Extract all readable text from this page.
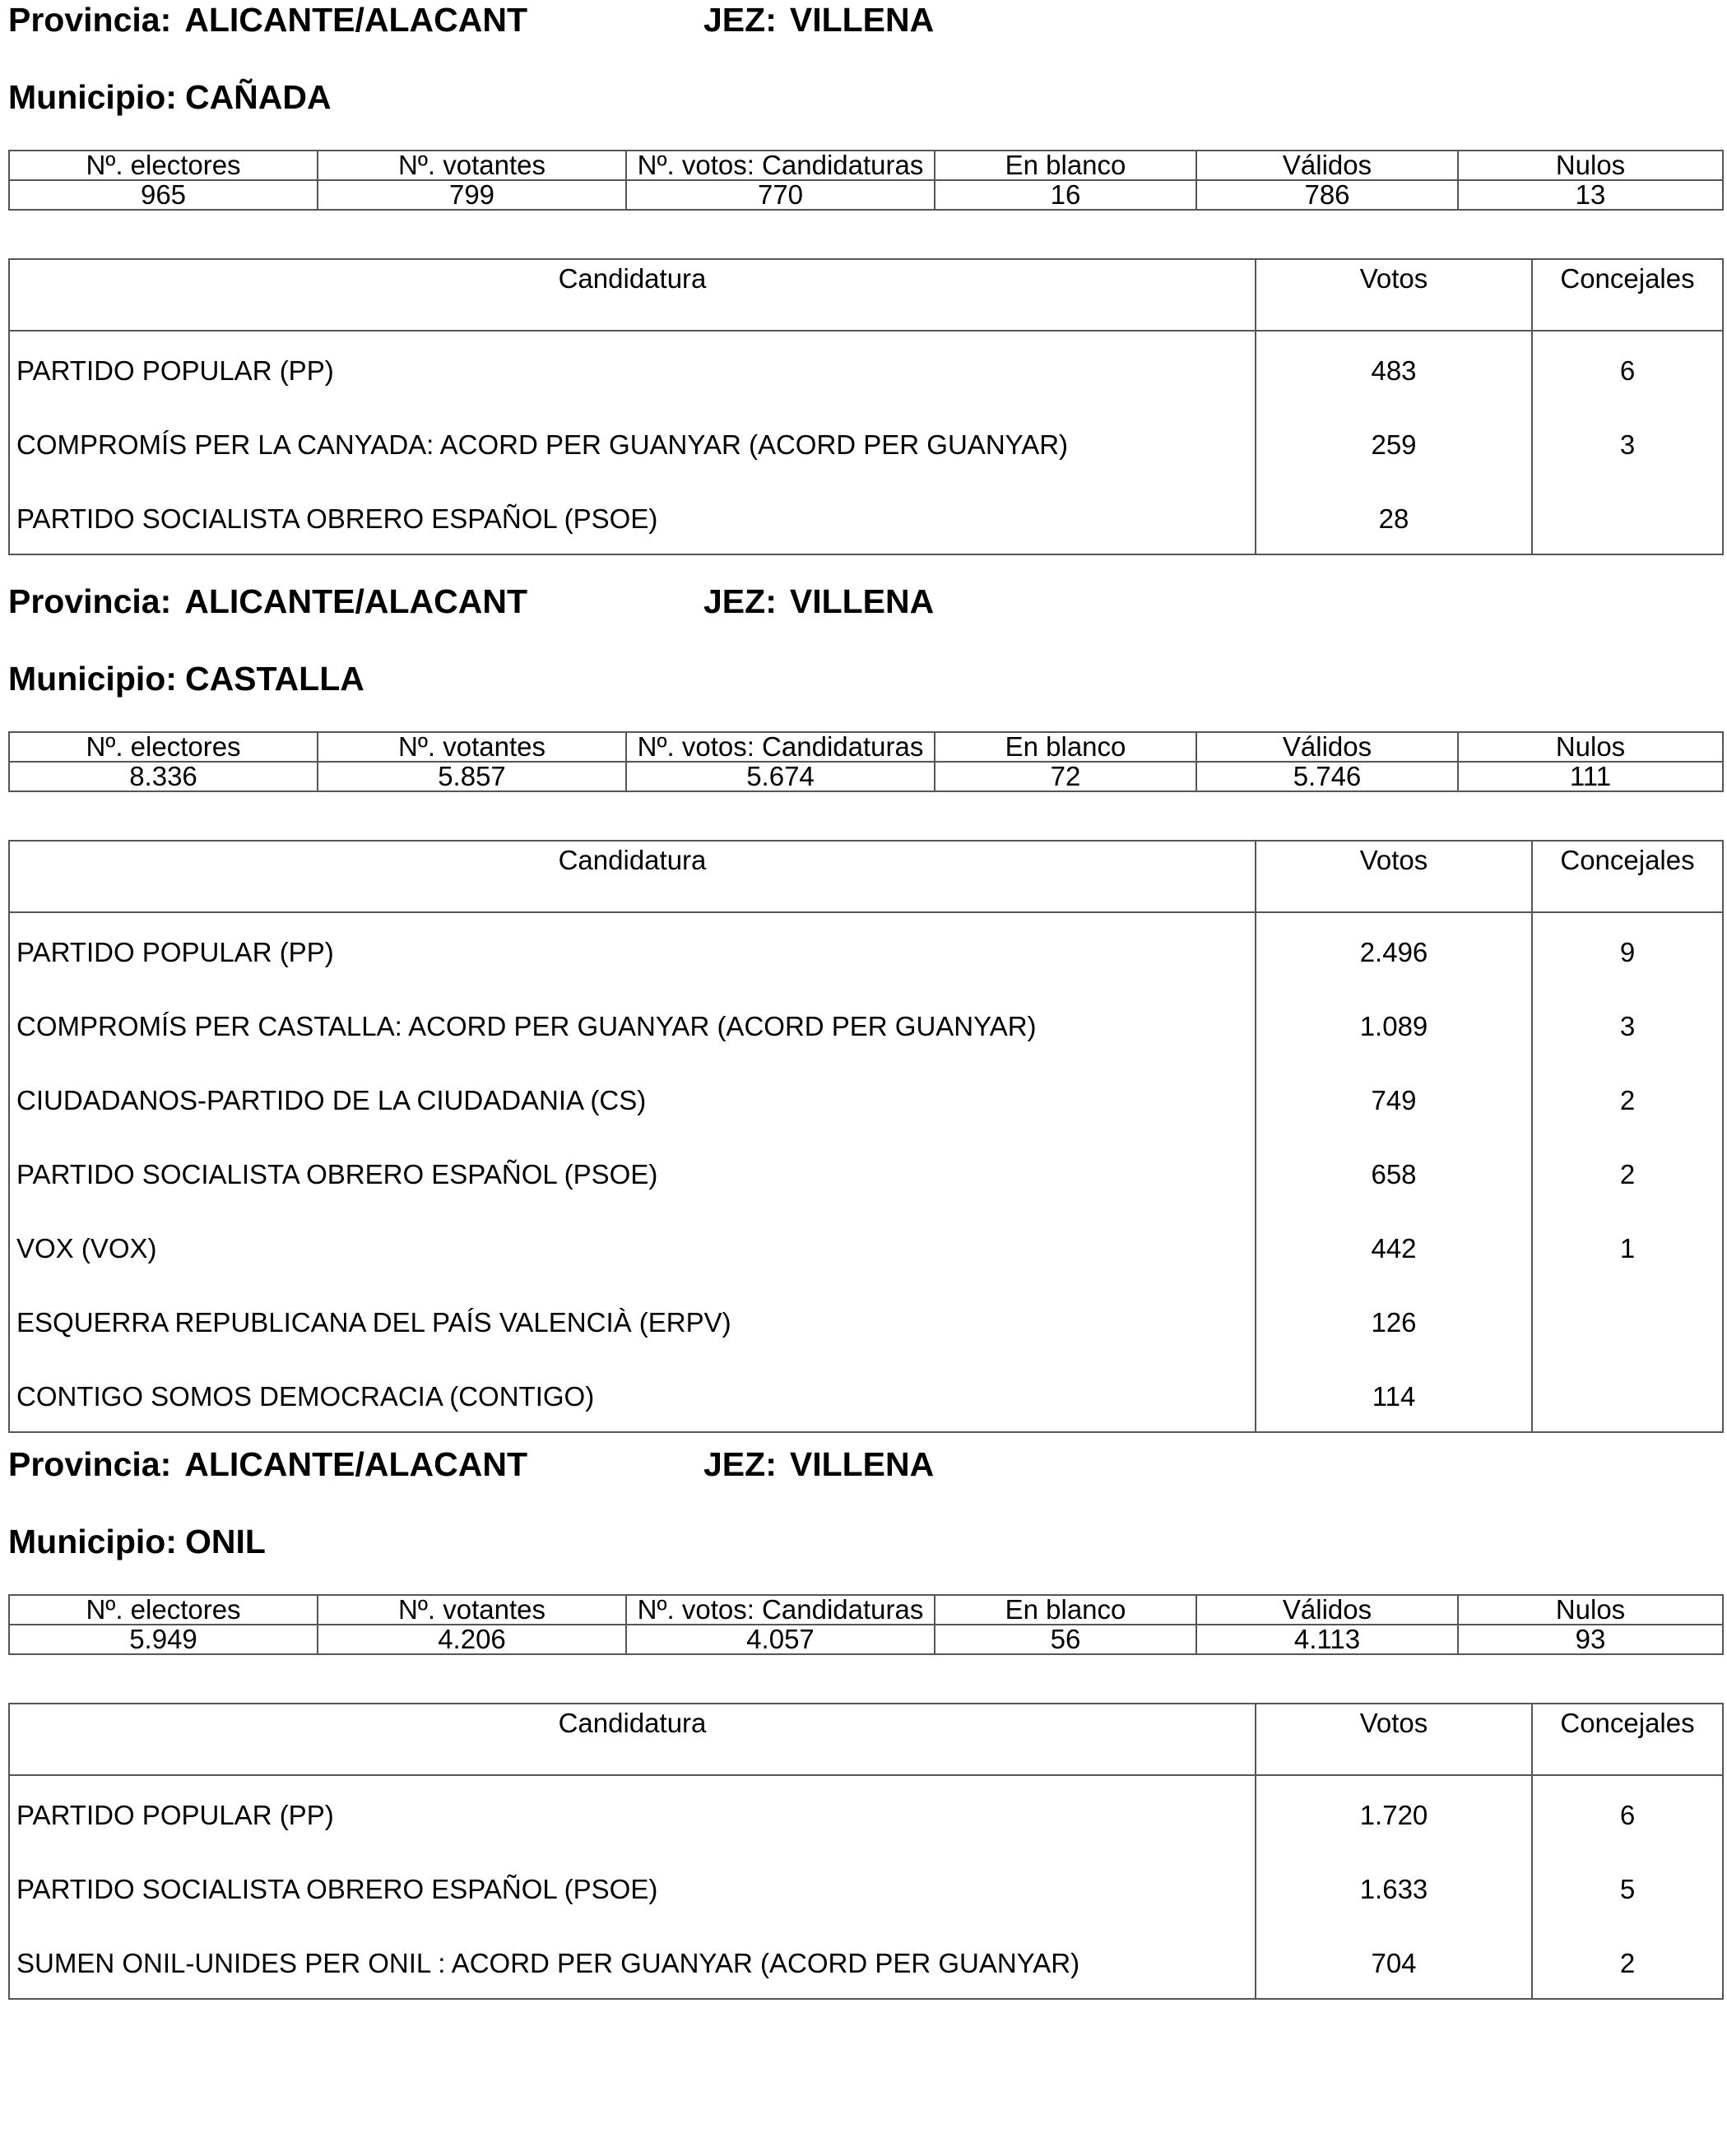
Provincia: ALICANTE/ALACANT	JEZ: VILLENA
Municipio: CAÑADA
Nº. electores	Nº. votantes	Nº. votos: Candidaturas	En blanco	Válidos	Nulos
965	799	770	16	786	13
Candidatura	Votos	Concejales
PARTIDO POPULAR (PP)	483	6
COMPROMÍS PER LA CANYADA: ACORD PER GUANYAR (ACORD PER GUANYAR)	259	3
PARTIDO SOCIALISTA OBRERO ESPAÑOL (PSOE)	28	
Provincia: ALICANTE/ALACANT	JEZ: VILLENA
Municipio: CASTALLA
Nº. electores	Nº. votantes	Nº. votos: Candidaturas	En blanco	Válidos	Nulos
8.336	5.857	5.674	72	5.746	111
Candidatura	Votos	Concejales
PARTIDO POPULAR (PP)	2.496	9
COMPROMÍS PER CASTALLA: ACORD PER GUANYAR (ACORD PER GUANYAR)	1.089	3
CIUDADANOS-PARTIDO DE LA CIUDADANIA (CS)	749	2
PARTIDO SOCIALISTA OBRERO ESPAÑOL (PSOE)	658	2
VOX (VOX)	442	1
ESQUERRA REPUBLICANA DEL PAÍS VALENCIÀ (ERPV)	126	
CONTIGO SOMOS DEMOCRACIA (CONTIGO)	114	
Provincia: ALICANTE/ALACANT	JEZ: VILLENA
Municipio: ONIL
Nº. electores	Nº. votantes	Nº. votos: Candidaturas	En blanco	Válidos	Nulos
5.949	4.206	4.057	56	4.113	93
Candidatura	Votos	Concejales
PARTIDO POPULAR (PP)	1.720	6
PARTIDO SOCIALISTA OBRERO ESPAÑOL (PSOE)	1.633	5
SUMEN ONIL-UNIDES PER ONIL : ACORD PER GUANYAR (ACORD PER GUANYAR)	704	2
